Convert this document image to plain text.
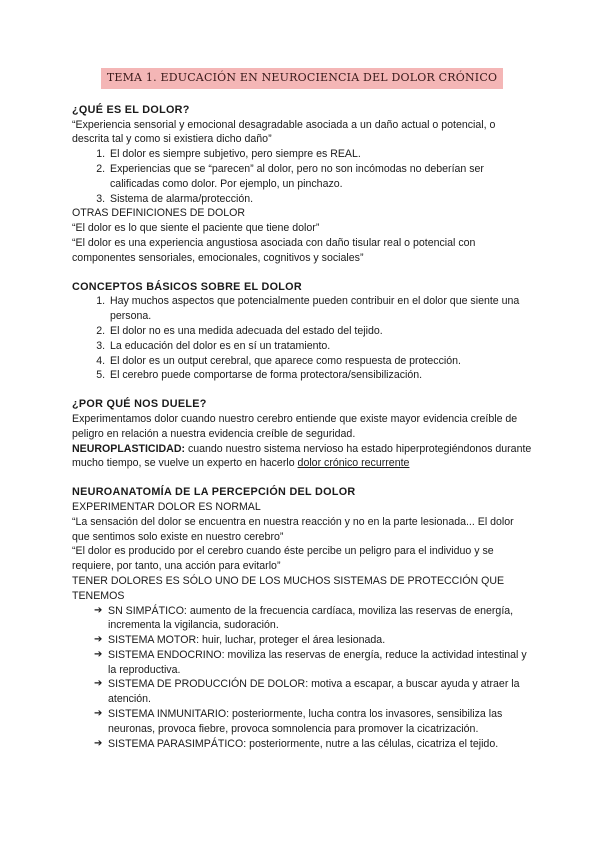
TEMA 1. EDUCACIÓN EN NEUROCIENCIA DEL DOLOR CRÓNICO
¿QUÉ ES EL DOLOR?

“Experiencia sensorial y emocional desagradable asociada a un daño actual o potencial, o descrita tal y como si existiera dicho daño”

1. El dolor es siempre subjetivo, pero siempre es REAL.
2. Experiencias que se “parecen” al dolor, pero no son incómodas no deberían ser calificadas como dolor. Por ejemplo, un pinchazo.
3. Sistema de alarma/protección.

OTRAS DEFINICIONES DE DOLOR

“El dolor es lo que siente el paciente que tiene dolor”

“El dolor es una experiencia angustiosa asociada con daño tisular real o potencial con componentes sensoriales, emocionales, cognitivos y sociales”

CONCEPTOS BÁSICOS SOBRE EL DOLOR
1. Hay muchos aspectos que potencialmente pueden contribuir en el dolor que siente una persona.
2. El dolor no es una medida adecuada del estado del tejido.
3. La educación del dolor es en sí un tratamiento.
4. El dolor es un output cerebral, que aparece como respuesta de protección.
5. El cerebro puede comportarse de forma protectora/sensibilización.
¿POR QUÉ NOS DUELE?

Experimentamos dolor cuando nuestro cerebro entiende que existe mayor evidencia creíble de peligro en relación a nuestra evidencia creíble de seguridad.

NEUROPLASTICIDAD: cuando nuestro sistema nervioso ha estado hiperprotegiéndonos durante mucho tiempo, se vuelve un experto en hacerlo dolor crónico recurrente

NEUROANATOMÍA DE LA PERCEPCIÓN DEL DOLOR

EXPERIMENTAR DOLOR ES NORMAL

“La sensación del dolor se encuentra en nuestra reacción y no en la parte lesionada... El dolor que sentimos solo existe en nuestro cerebro”

“El dolor es producido por el cerebro cuando éste percibe un peligro para el individuo y se requiere, por tanto, una acción para evitarlo”

TENER DOLORES ES SÓLO UNO DE LOS MUCHOS SISTEMAS DE PROTECCIÓN QUE TENEMOS

➔ SN SIMPÁTICO: aumento de la frecuencia cardíaca, moviliza las reservas de energía, incrementa la vigilancia, sudoración.
➔ SISTEMA MOTOR: huir, luchar, proteger el área lesionada.
➔ SISTEMA ENDOCRINO: moviliza las reservas de energía, reduce la actividad intestinal y la reproductiva.
➔ SISTEMA DE PRODUCCIÓN DE DOLOR: motiva a escapar, a buscar ayuda y atraer la atención.
➔ SISTEMA INMUNITARIO: posteriormente, lucha contra los invasores, sensibiliza las neuronas, provoca fiebre, provoca somnolencia para promover la cicatrización.
➔ SISTEMA PARASIMPÁTICO: posteriormente, nutre a las células, cicatriza el tejido.
